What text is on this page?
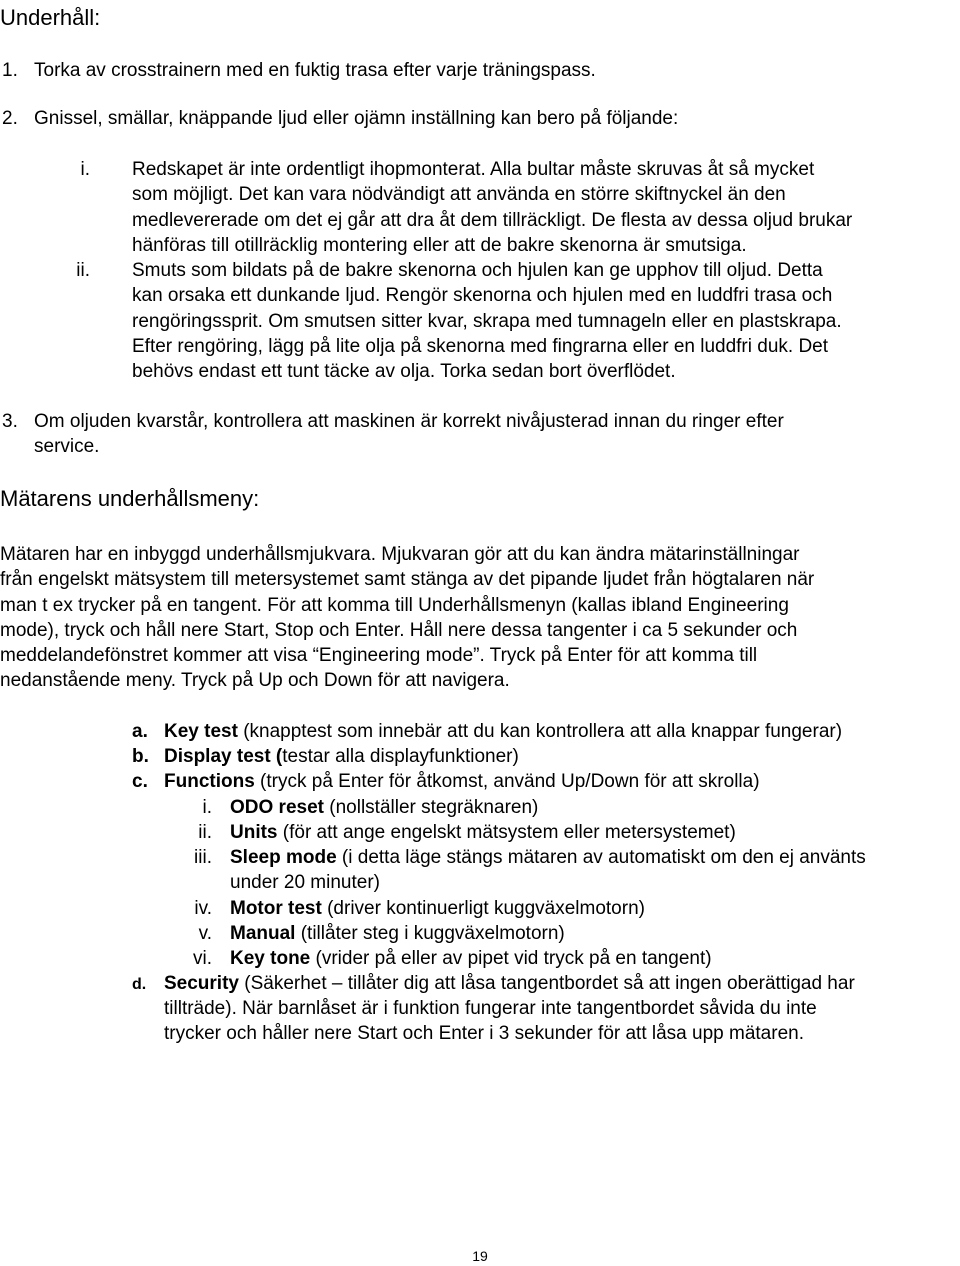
Underhåll:
1. Torka av crosstrainern med en fuktig trasa efter varje träningspass.
2. Gnissel, smällar, knäppande ljud eller ojämn inställning kan bero på följande:
i. Redskapet är inte ordentligt ihopmonterat. Alla bultar måste skruvas åt så mycket
som möjligt. Det kan vara nödvändigt att använda en större skiftnyckel än den
medlevererade om det ej går att dra åt dem tillräckligt. De flesta av dessa oljud brukar
hänföras till otillräcklig montering eller att de bakre skenorna är smutsiga.
ii. Smuts som bildats på de bakre skenorna och hjulen kan ge upphov till oljud. Detta
kan orsaka ett dunkande ljud. Rengör skenorna och hjulen med en luddfri trasa och
rengöringssprit. Om smutsen sitter kvar, skrapa med tumnageln eller en plastskrapa.
Efter rengöring, lägg på lite olja på skenorna med fingrarna eller en luddfri duk. Det
behövs endast ett tunt täcke av olja. Torka sedan bort överflödet.
3. Om oljuden kvarstår, kontrollera att maskinen är korrekt nivåjusterad innan du ringer efter
service.
Mätarens underhållsmeny:
Mätaren har en inbyggd underhållsmjukvara. Mjukvaran gör att du kan ändra mätarinställningar
från engelskt mätsystem till metersystemet samt stänga av det pipande ljudet från högtalaren när
man t ex trycker på en tangent. För att komma till Underhållsmenyn (kallas ibland Engineering
mode), tryck och håll nere Start, Stop och Enter. Håll nere dessa tangenter i ca 5 sekunder och
meddelandefönstret kommer att visa “Engineering mode”. Tryck på Enter för att komma till
nedanstående meny. Tryck på Up och Down för att navigera.
a. Key test (knapptest som innebär att du kan kontrollera att alla knappar fungerar)
b. Display test (testar alla displayfunktioner)
c. Functions (tryck på Enter för åtkomst, använd Up/Down för att skrolla)
i. ODO reset (nollställer stegräknaren)
ii. Units (för att ange engelskt mätsystem eller metersystemet)
iii. Sleep mode (i detta läge stängs mätaren av automatiskt om den ej använts
under 20 minuter)
iv. Motor test (driver kontinuerligt kuggväxelmotorn)
v. Manual (tillåter steg i kuggväxelmotorn)
vi. Key tone (vrider på eller av pipet vid tryck på en tangent)
d. Security (Säkerhet – tillåter dig att låsa tangentbordet så att ingen oberättigad har
tillträde). När barnlåset är i funktion fungerar inte tangentbordet såvida du inte
trycker och håller nere Start och Enter i 3 sekunder för att låsa upp mätaren.
19
